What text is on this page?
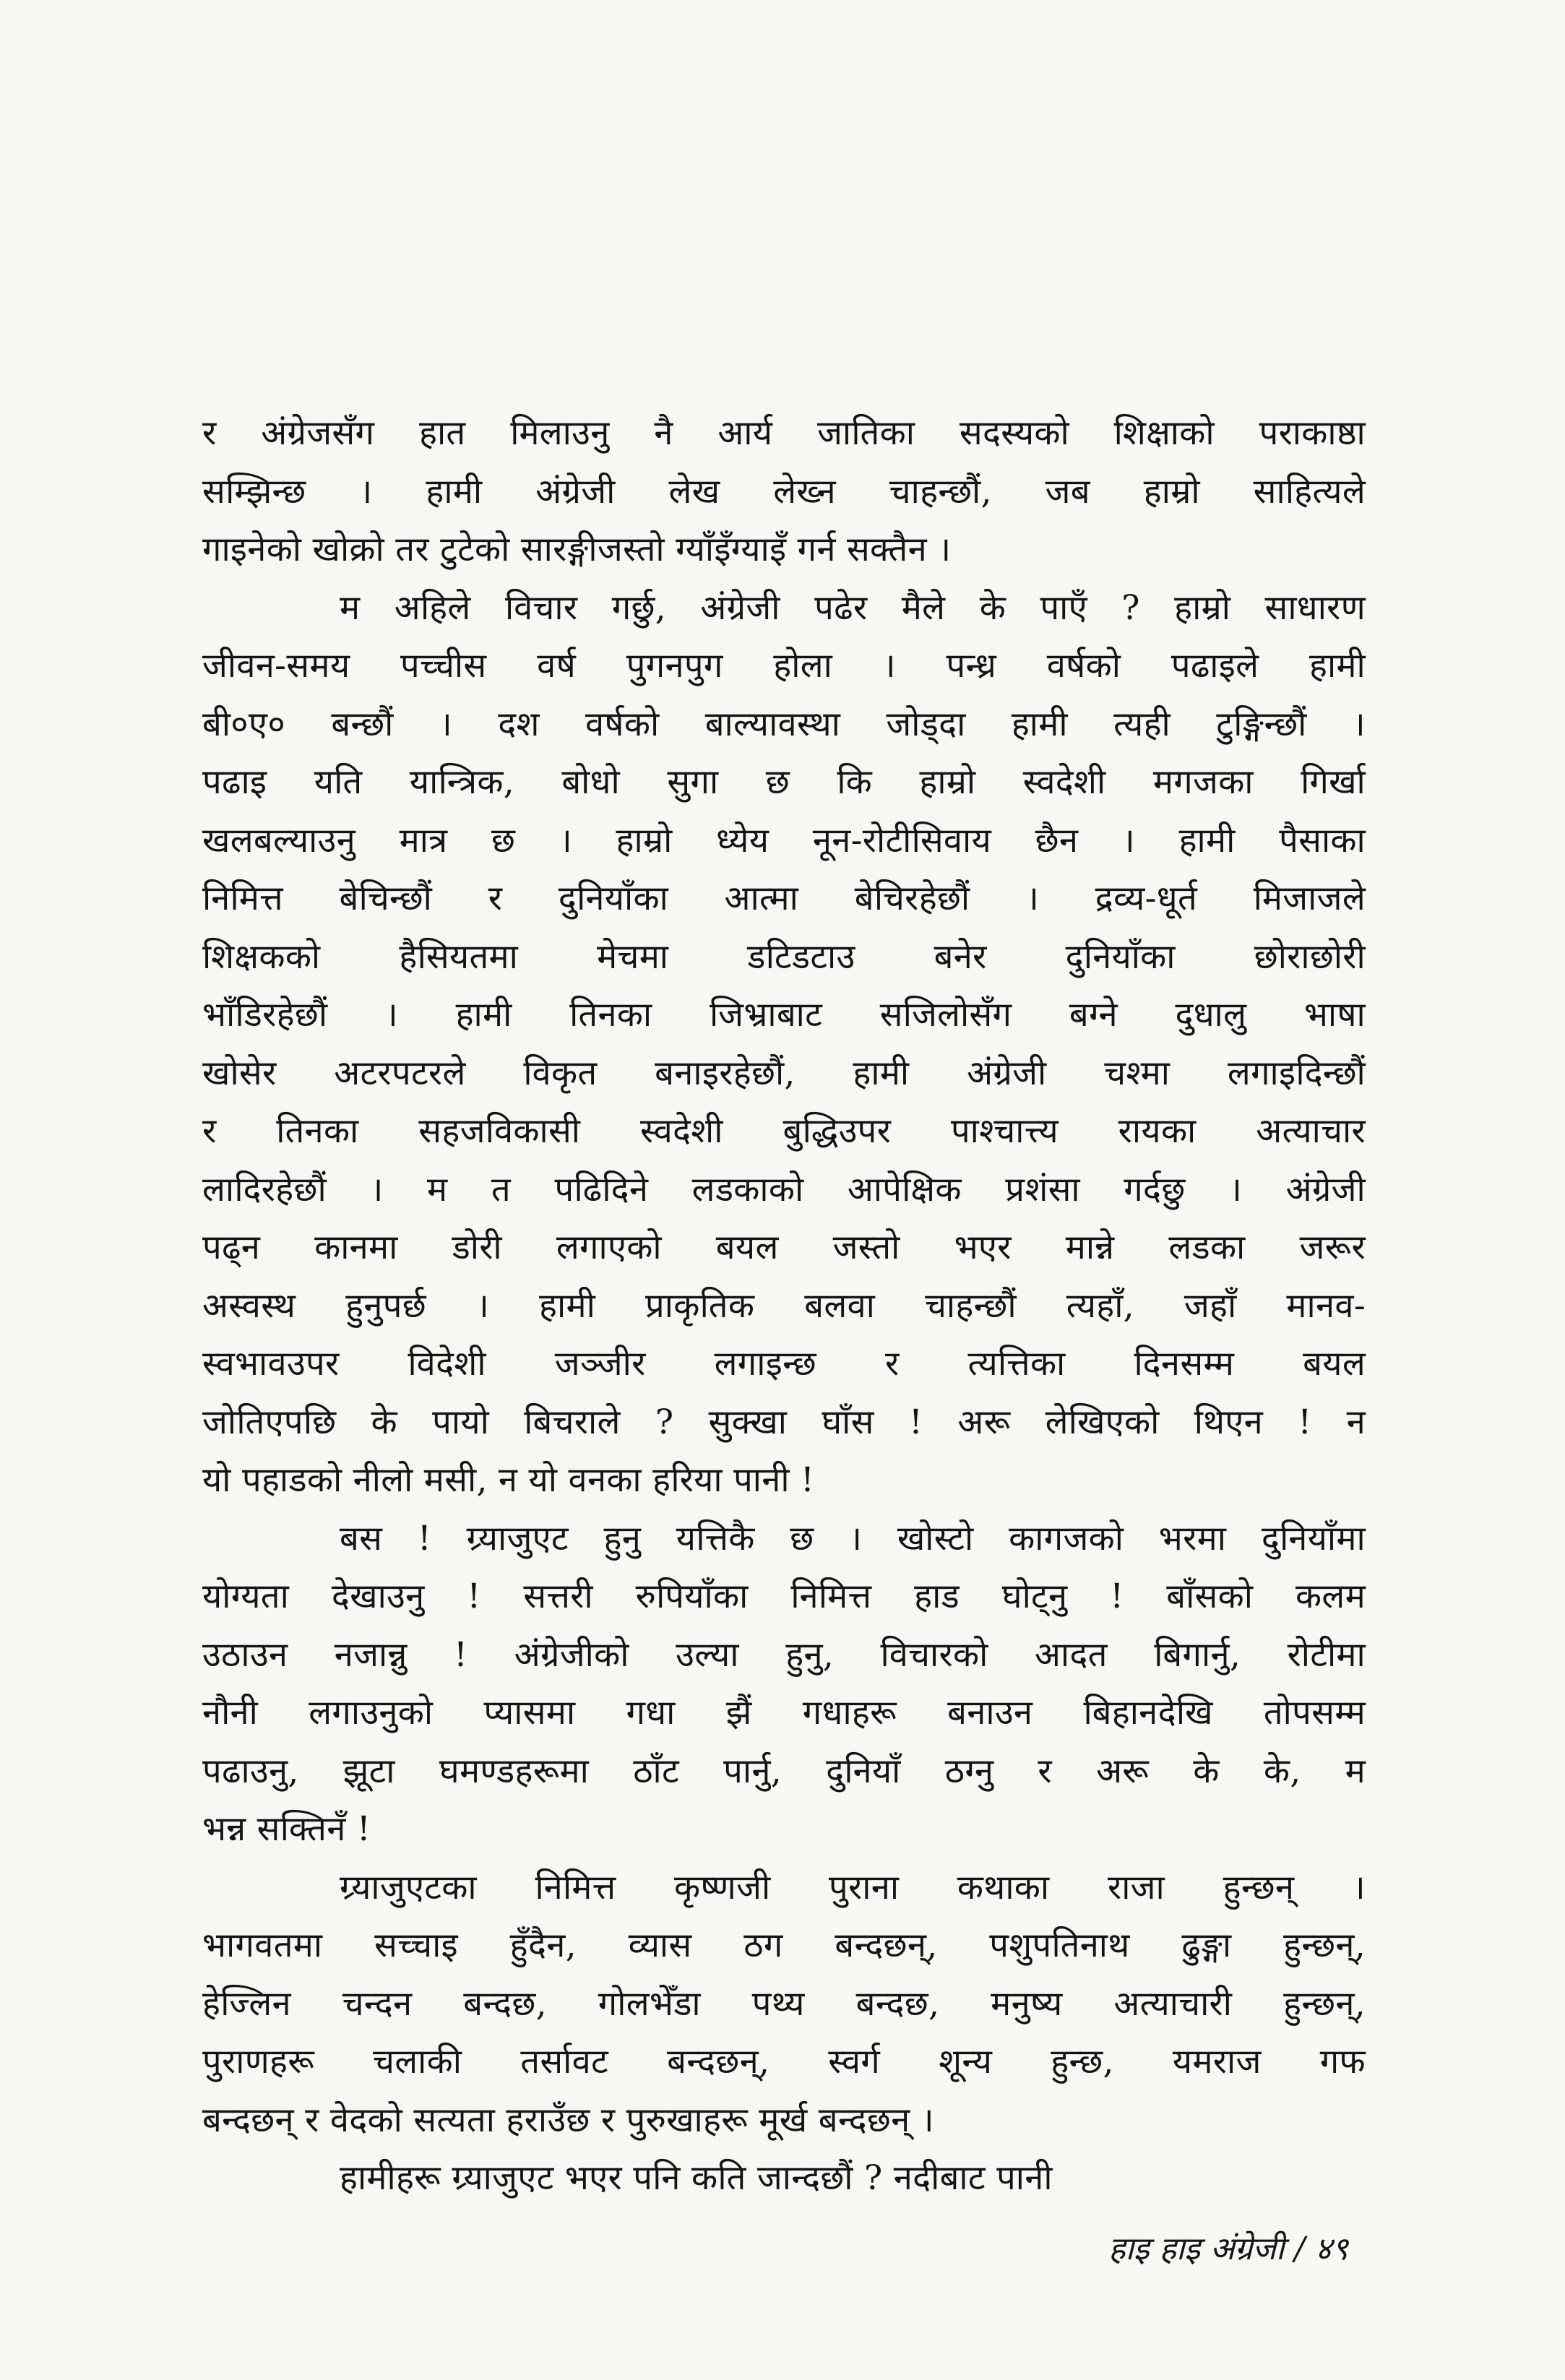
र अंग्रेजसँग हात मिलाउनु नै आर्य जातिका सदस्यको शिक्षाको पराकाष्ठा
सम्झिन्छ । हामी अंग्रेजी लेख लेख्न चाहन्छौं, जब हाम्रो साहित्यले
गाइनेको खोक्रो तर टुटेको सारङ्गीजस्तो ग्याँइँग्याइँ गर्न सक्तैन ।
म अहिले विचार गर्छु, अंग्रेजी पढेर मैले के पाएँ ? हाम्रो साधारण
जीवन-समय पच्चीस वर्ष पुगनपुग होला । पन्ध्र वर्षको पढाइले हामी
बी०ए० बन्छौं । दश वर्षको बाल्यावस्था जोड्दा हामी त्यही टुङ्गिन्छौं ।
पढाइ यति यान्त्रिक, बोधो सुगा छ कि हाम्रो स्वदेशी मगजका गिर्खा
खलबल्याउनु मात्र छ । हाम्रो ध्येय नून-रोटीसिवाय छैन । हामी पैसाका
निमित्त बेचिन्छौं र दुनियाँका आत्मा बेचिरहेछौं । द्रव्य-धूर्त मिजाजले
शिक्षकको हैसियतमा मेचमा डटिडटाउ बनेर दुनियाँका छोराछोरी
भाँडिरहेछौं । हामी तिनका जिभ्राबाट सजिलोसँग बग्ने दुधालु भाषा
खोसेर अटरपटरले विकृत बनाइरहेछौं, हामी अंग्रेजी चश्मा लगाइदिन्छौं
र तिनका सहजविकासी स्वदेशी बुद्धिउपर पाश्चात्त्य रायका अत्याचार
लादिरहेछौं । म त पढिदिने लडकाको आपेक्षिक प्रशंसा गर्दछु । अंग्रेजी
पढ्न कानमा डोरी लगाएको बयल जस्तो भएर मान्ने लडका जरूर
अस्वस्थ हुनुपर्छ । हामी प्राकृतिक बलवा चाहन्छौं त्यहाँ, जहाँ मानव-
स्वभावउपर विदेशी जञ्जीर लगाइन्छ र त्यत्तिका दिनसम्म बयल
जोतिएपछि के पायो बिचराले ? सुक्खा घाँस ! अरू लेखिएको थिएन ! न
यो पहाडको नीलो मसी, न यो वनका हरिया पानी !
बस ! ग्र्याजुएट हुनु यत्तिकै छ । खोस्टो कागजको भरमा दुनियाँमा
योग्यता देखाउनु ! सत्तरी रुपियाँका निमित्त हाड घोट्नु ! बाँसको कलम
उठाउन नजान्नु ! अंग्रेजीको उल्या हुनु, विचारको आदत बिगार्नु, रोटीमा
नौनी लगाउनुको प्यासमा गधा झैं गधाहरू बनाउन बिहानदेखि तोपसम्म
पढाउनु, झूटा घमण्डहरूमा ठाँट पार्नु, दुनियाँ ठग्नु र अरू के के, म
भन्न सक्तिनँ !
ग्र्याजुएटका निमित्त कृष्णजी पुराना कथाका राजा हुन्छन् ।
भागवतमा सच्चाइ हुँदैन, व्यास ठग बन्दछन्, पशुपतिनाथ ढुङ्गा हुन्छन्,
हेज्लिन चन्दन बन्दछ, गोलभेँडा पथ्य बन्दछ, मनुष्य अत्याचारी हुन्छन्,
पुराणहरू चलाकी तर्सावट बन्दछन्, स्वर्ग शून्य हुन्छ, यमराज गफ
बन्दछन् र वेदको सत्यता हराउँछ र पुरुखाहरू मूर्ख बन्दछन् ।
हामीहरू ग्र्याजुएट भएर पनि कति जान्दछौं ? नदीबाट पानी
हाइ हाइ अंग्रेजी / ४९
